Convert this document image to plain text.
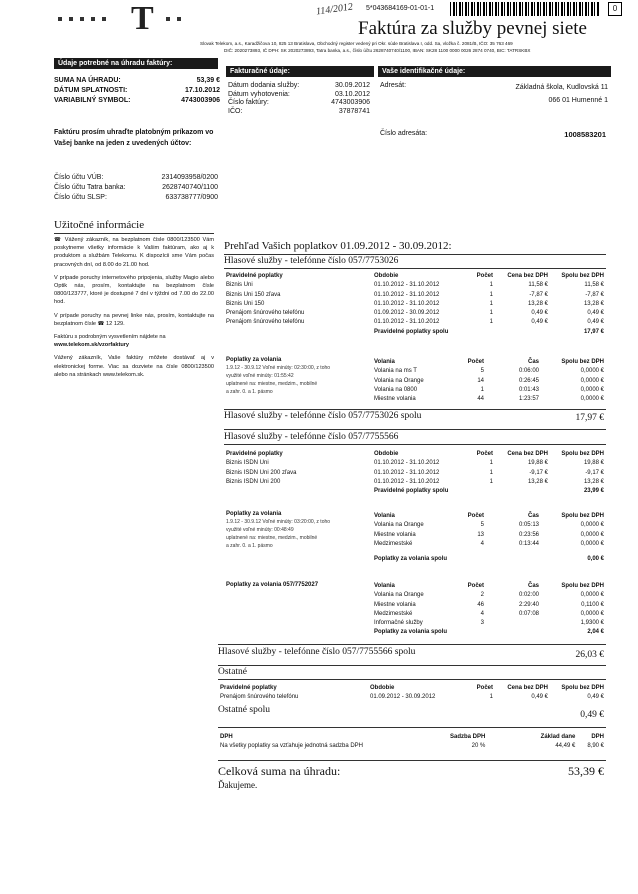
T	114/2012 5*043684169-01-01-1	0
Faktúra za služby pevnej siete
Slovak Telekom, a.s., Karadžičova 10, 825 13 Bratislava, Obchodný register vedený pri Okr. súde Bratislava I, odd. Sa, vložka č. 2081/B, IČO: 35 763 469
DIČ: 2020273893, IČ DPH: SK 2020273893, Tatra banka, a.s., číslo účtu 2628740740/1100, IBAN: SK28 1100 0000 0026 2874 0740, BIC: TATRSKBX
Údaje potrebné na úhradu faktúry:
SUMA NA ÚHRADU:	53,39 €
DÁTUM SPLATNOSTI:	17.10.2012
VARIABILNÝ SYMBOL:	4743003906
Faktúru prosím uhraďte platobným príkazom vo Vašej banke na jeden z uvedených účtov:
Fakturačné údaje:
Dátum dodania služby:	30.09.2012
Dátum vyhotovenia:	03.10.2012
Číslo faktúry:	4743003906
IČO:	37878741
Vaše identifikačné údaje:
Adresát:	Základná škola, Kudlovská 11
066 01 Humenné 1
Číslo adresáta:	1008583201
Číslo účtu VÚB:	2314093958/0200
Číslo účtu Tatra banka:	2628740740/1100
Číslo účtu SLSP:	633738777/0900
Užitočné informácie
☎ Vážený zákazník, na bezplatnom čísle 0800/123500 Vám poskytneme všetky informácie k Vašim faktúram, ako aj k produktom a službám Telekomu. K dispozícii sme Vám počas pracovných dní, od 8.00 do 21.00 hod.
V prípade poruchy internetového pripojenia, služby Magio alebo Optik nás, prosím, kontaktujte na bezplatnom čísle 0800/123777, ktoré je dostupné 7 dní v týždni od 7.00 do 22.00 hod.
V prípade poruchy na pevnej linke nás, prosím, kontaktujte na bezplatnom čísle ☎ 12 129.
Faktúru s podrobným vysvetlením nájdete na
www.telekom.sk/vzorfaktury
Vážený zákazník, Vaše faktúry môžete dostávať aj v elektronickej forme. Viac sa dozviete na čísle 0800/123500 alebo na stránkach www.telekom.sk.
Prehľad Vašich poplatkov 01.09.2012 - 30.09.2012:
Hlasové služby - telefónne číslo 057/7753026
Pravidelné poplatky	Obdobie	Počet	Cena bez DPH	Spolu bez DPH
Biznis Uni	01.10.2012 - 31.10.2012	1	11,58 €	11,58 €
Biznis Uni 150 zľava	01.10.2012 - 31.10.2012	1	-7,87 €	-7,87 €
Biznis Uni 150	01.10.2012 - 31.10.2012	1	13,28 €	13,28 €
Prenájom šnúrového telefónu	01.09.2012 - 30.09.2012	1	0,49 €	0,49 €
Prenájom šnúrového telefónu	01.10.2012 - 31.10.2012	1	0,49 €	0,49 €
	Pravidelné poplatky spolu			17,97 €
Poplatky za volania
1.9.12 - 30.9.12 Voľné minúty: 02:30:00, z toho
využité voľné minúty: 01:55:42
uplatnené na: miestne, medzim., mobilné
a zahr. 0. a 1. pásmo
Volania	Počet	Čas	Spolu bez DPH
Volania na ms T	5	0:06:00	0,0000 €
Volania na Orange	14	0:26:45	0,0000 €
Volania na 0800	1	0:01:43	0,0000 €
Miestne volania	44	1:23:57	0,0000 €
Hlasové služby - telefónne číslo 057/7753026 spolu	17,97 €
Hlasové služby - telefónne číslo 057/7755566
Pravidelné poplatky	Obdobie	Počet	Cena bez DPH	Spolu bez DPH
Biznis ISDN Uni	01.10.2012 - 31.10.2012	1	19,88 €	19,88 €
Biznis ISDN Uni 200 zľava	01.10.2012 - 31.10.2012	1	-9,17 €	-9,17 €
Biznis ISDN Uni 200	01.10.2012 - 31.10.2012	1	13,28 €	13,28 €
	Pravidelné poplatky spolu			23,99 €
Poplatky za volania
1.9.12 - 30.9.12 Voľné minúty: 03:20:00, z toho
využité voľné minúty: 00:48:49
uplatnené na: miestne, medzim., mobilné
a zahr. 0. a 1. pásmo
Volania	Počet	Čas	Spolu bez DPH
Volania na Orange	5	0:05:13	0,0000 €
Miestne volania	13	0:23:56	0,0000 €
Medzimestské	4	0:13:44	0,0000 €

Poplatky za volania spolu			0,00 €
Poplatky za volania 057/7752027	Volania	Počet	Čas	Spolu bez DPH
Volania na Orange	2	0:02:00	0,0000 €
Miestne volania	46	2:29:40	0,1100 €
Medzimestské	4	0:07:08	0,0000 €
Informačné služby	3		1,9300 €
Poplatky za volania spolu			2,04 €
Hlasové služby - telefónne číslo 057/7755566 spolu	26,03 €
Ostatné
Pravidelné poplatky	Obdobie	Počet	Cena bez DPH	Spolu bez DPH
Prenájom šnúrového telefónu	01.09.2012 - 30.09.2012	1	0,49 €	0,49 €
Ostatné spolu	0,49 €
DPH	Sadzba DPH	Základ dane	DPH
Na všetky poplatky sa vzťahuje jednotná sadzba DPH	20 %	44,49 €	8,90 €
Celková suma na úhradu:	53,39 €
Ďakujeme.
